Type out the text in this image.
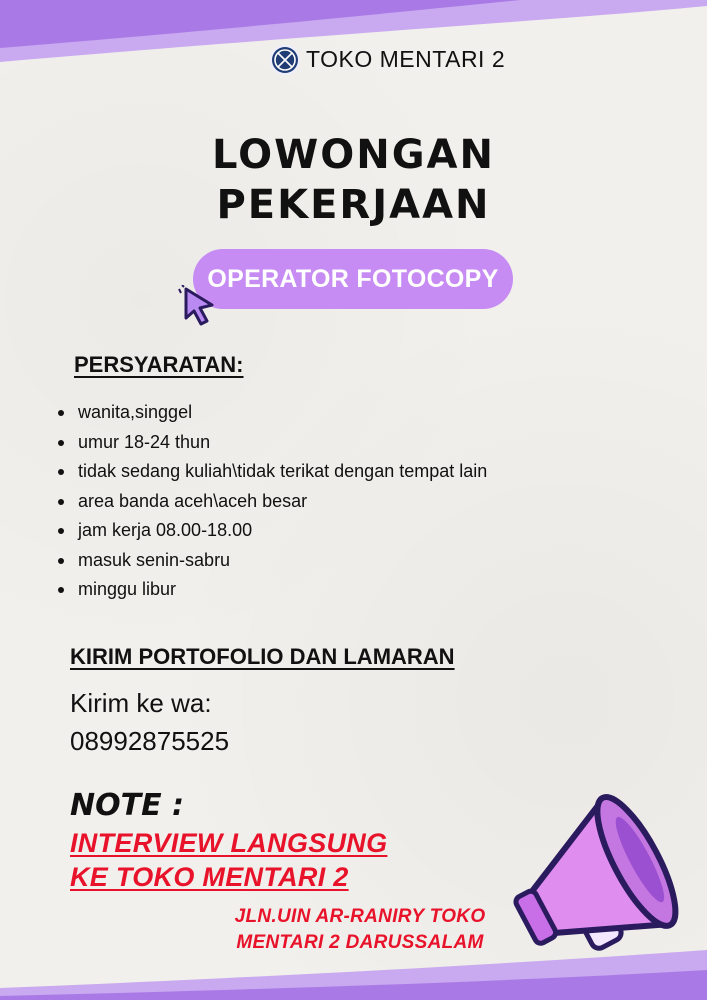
TOKO MENTARI 2
LOWONGAN
PEKERJAAN
OPERATOR FOTOCOPY
PERSYARATAN:
wanita,singgel
umur 18-24 thun
tidak sedang kuliah\tidak terikat dengan tempat lain
area banda aceh\aceh besar
jam kerja 08.00-18.00
masuk senin-sabru
minggu libur
KIRIM PORTOFOLIO DAN LAMARAN
Kirim ke wa:
08992875525
NOTE :
INTERVIEW LANGSUNG
KE TOKO MENTARI 2
JLN.UIN AR-RANIRY TOKO
MENTARI 2 DARUSSALAM
